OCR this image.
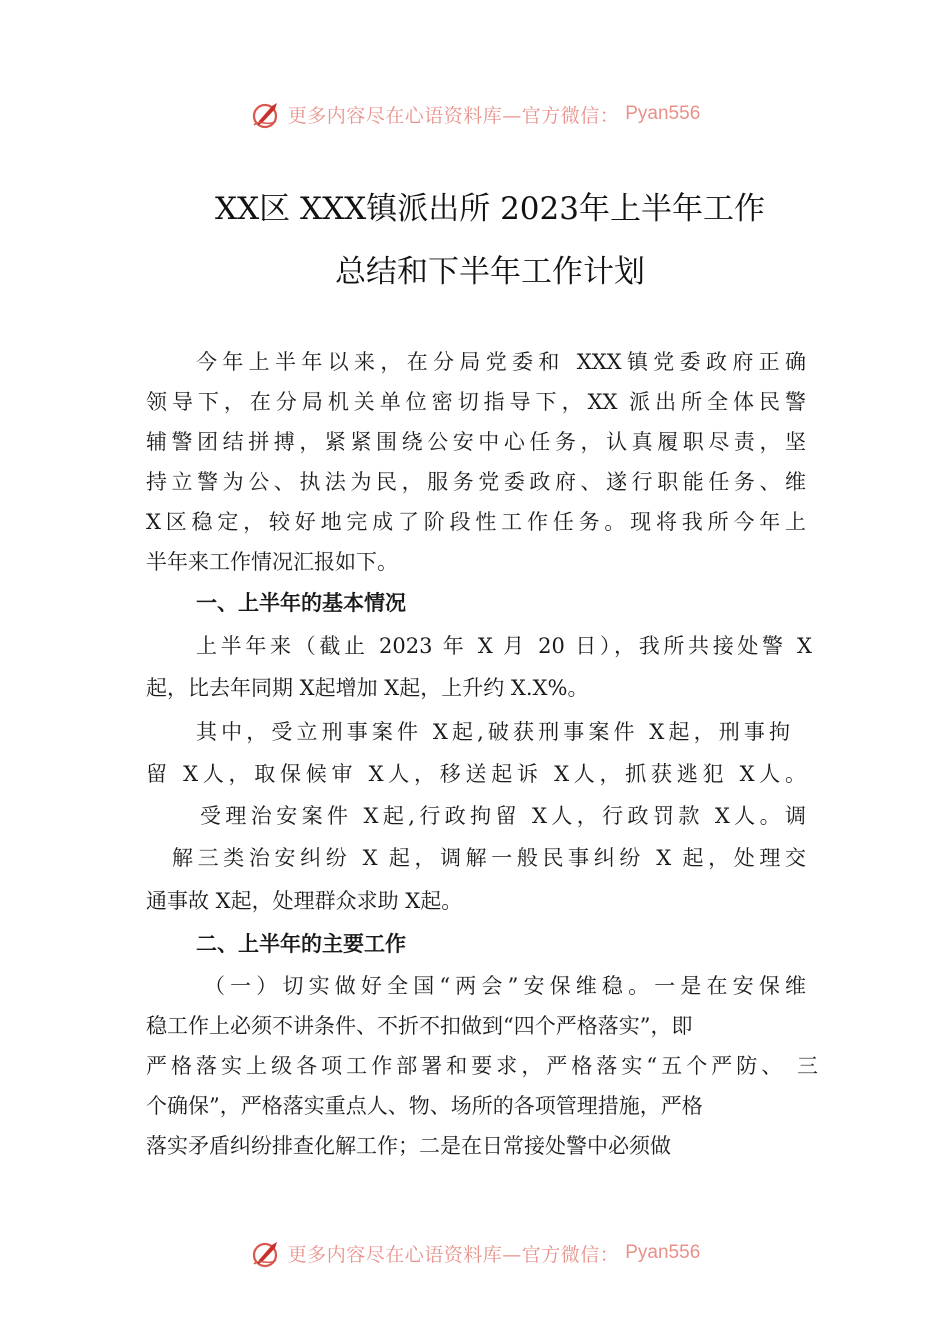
更多内容尽在心语资料库—官方微信： Pyan556
XX区 XXX镇派出所 2023年上半年工作
总结和下半年工作计划
今年上半年以来，在分局党委和 XXX镇党委政府正确
领导下，在分局机关单位密切指导下，XX 派出所全体民警
辅警团结拼搏，紧紧围绕公安中心任务，认真履职尽责，坚
持立警为公、执法为民，服务党委政府、遂行职能任务、维
X区稳定，较好地完成了阶段性工作任务。现将我所今年上
半年来工作情况汇报如下。
一、上半年的基本情况
上半年来（截止 2023 年 X 月 20 日），我所共接处警 X
起，比去年同期 X起增加 X起，上升约 X.X%。
其中，受立刑事案件 X起,破获刑事案件 X起，刑事拘
留 X人，取保候审 X人，移送起诉 X人，抓获逃犯 X人。
受理治安案件 X起,行政拘留 X人，行政罚款 X人。调
解三类治安纠纷 X 起，调解一般民事纠纷 X 起，处理交
通事故 X起，处理群众求助 X起。
二、上半年的主要工作
（一）切实做好全国“两会”安保维稳。一是在安保维
稳工作上必须不讲条件、不折不扣做到“四个严格落实”，即
严格落实上级各项工作部署和要求，严格落实“五个严防、 三
个确保”，严格落实重点人、物、场所的各项管理措施，严格
落实矛盾纠纷排查化解工作；二是在日常接处警中必须做
更多内容尽在心语资料库—官方微信： Pyan556
